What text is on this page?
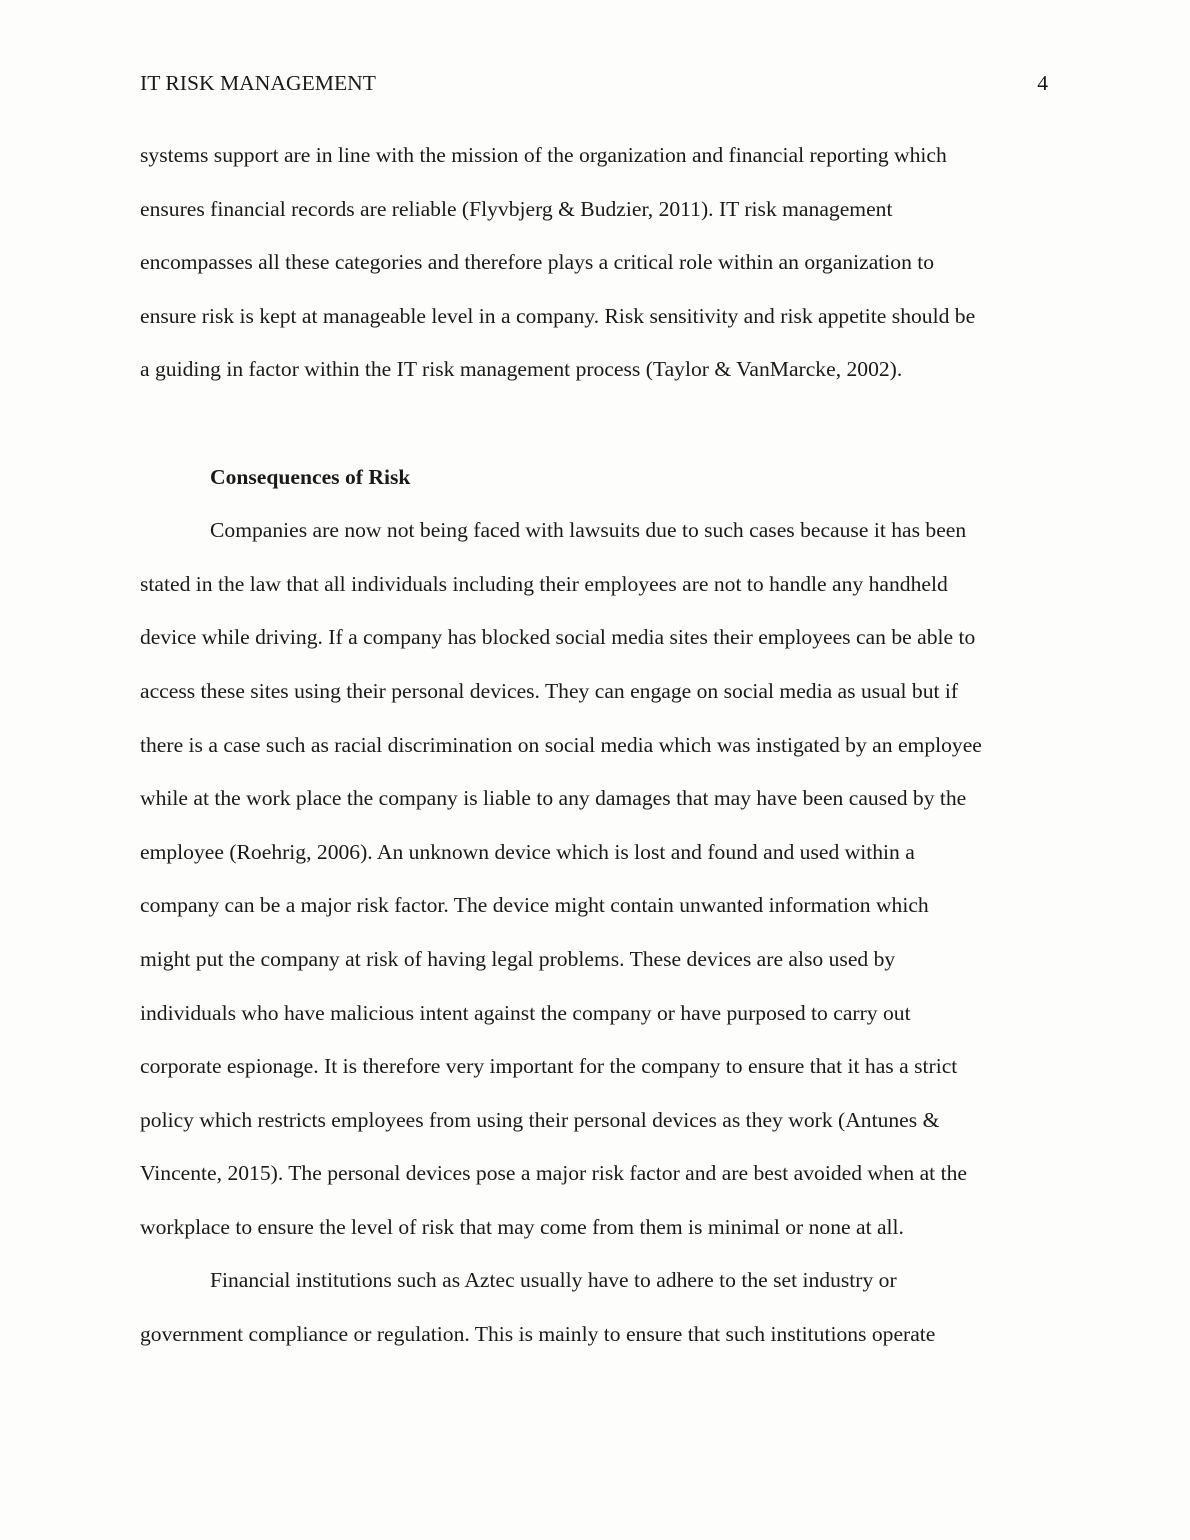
IT RISK MANAGEMENT	4
systems support are in line with the mission of the organization and financial reporting which
ensures financial records are reliable (Flyvbjerg & Budzier, 2011). IT risk management
encompasses all these categories and therefore plays a critical role within an organization to
ensure risk is kept at manageable level in a company. Risk sensitivity and risk appetite should be
a guiding in factor within the IT risk management process (Taylor & VanMarcke, 2002).
Consequences of Risk
Companies are now not being faced with lawsuits due to such cases because it has been
stated in the law that all individuals including their employees are not to handle any handheld
device while driving. If a company has blocked social media sites their employees can be able to
access these sites using their personal devices. They can engage on social media as usual but if
there is a case such as racial discrimination on social media which was instigated by an employee
while at the work place the company is liable to any damages that may have been caused by the
employee (Roehrig, 2006). An unknown device which is lost and found and used within a
company can be a major risk factor. The device might contain unwanted information which
might put the company at risk of having legal problems. These devices are also used by
individuals who have malicious intent against the company or have purposed to carry out
corporate espionage. It is therefore very important for the company to ensure that it has a strict
policy which restricts employees from using their personal devices as they work (Antunes &
Vincente, 2015). The personal devices pose a major risk factor and are best avoided when at the
workplace to ensure the level of risk that may come from them is minimal or none at all.
Financial institutions such as Aztec usually have to adhere to the set industry or
government compliance or regulation. This is mainly to ensure that such institutions operate
